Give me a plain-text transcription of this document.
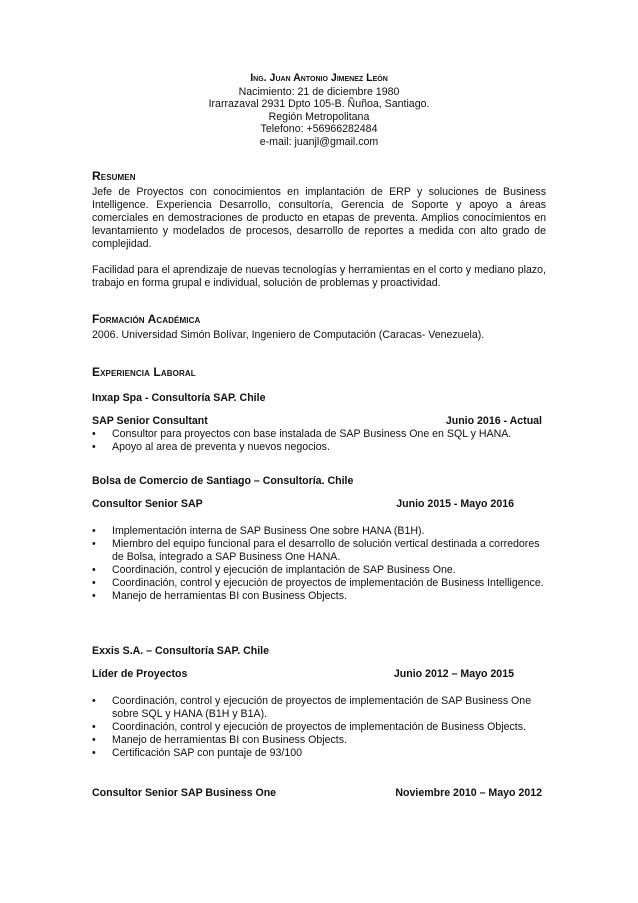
Ing. Juan Antonio Jimenez León
Nacimiento: 21 de diciembre 1980
Irarrazaval 2931 Dpto 105-B. Ñuñoa, Santiago.
Región Metropolitana
Telefono: +56966282484
e-mail: juanjl@gmail.com
Resumen

Jefe de Proyectos con conocimientos en implantación de ERP y soluciones de Business Intelligence. Experiencia Desarrollo, consultoría, Gerencia de Soporte y apoyo a áreas comerciales en demostraciones de producto en etapas de preventa. Amplios conocimientos en levantamiento y modelados de procesos, desarrollo de reportes a medida con alto grado de complejidad.

Facilidad para el aprendizaje de nuevas tecnologías y herramientas en el corto y mediano plazo, trabajo en forma grupal e individual, solución de problemas y proactividad.

Formación Académica

2006. Universidad Simón Bolívar, Ingeniero de Computación (Caracas- Venezuela).

Experiencia Laboral
Inxap Spa - Consultoría SAP. Chile
SAP Senior Consultant	Junio 2016 - Actual
•	Consultor para proyectos con base instalada de SAP Business One en SQL y HANA.
•	Apoyo al area de preventa y nuevos negocios.
Bolsa de Comercio de Santiago – Consultoría. Chile
Consultor Senior SAP	Junio 2015 - Mayo 2016
•	Implementación interna de SAP Business One sobre HANA (B1H).
•	Miembro del equipo funcional para el desarrollo de solución vertical destinada a corredores de Bolsa, integrado a SAP Business One HANA.
•	Coordinación, control y ejecución de implantación de SAP Business One.
•	Coordinación, control y ejecución de proyectos de implementación de Business Intelligence.
•	Manejo de herramientas BI con Business Objects.
Exxis S.A. – Consultoría SAP. Chile
Líder de Proyectos	Junio 2012 – Mayo 2015
•	Coordinación, control y ejecución de proyectos de implementación de SAP Business One sobre SQL y HANA (B1H y B1A).
•	Coordinación, control y ejecución de proyectos de implementación de Business Objects.
•	Manejo de herramientas BI con Business Objects.
•	Certificación SAP con puntaje de 93/100
Consultor Senior SAP Business One	Noviembre 2010 – Mayo 2012
